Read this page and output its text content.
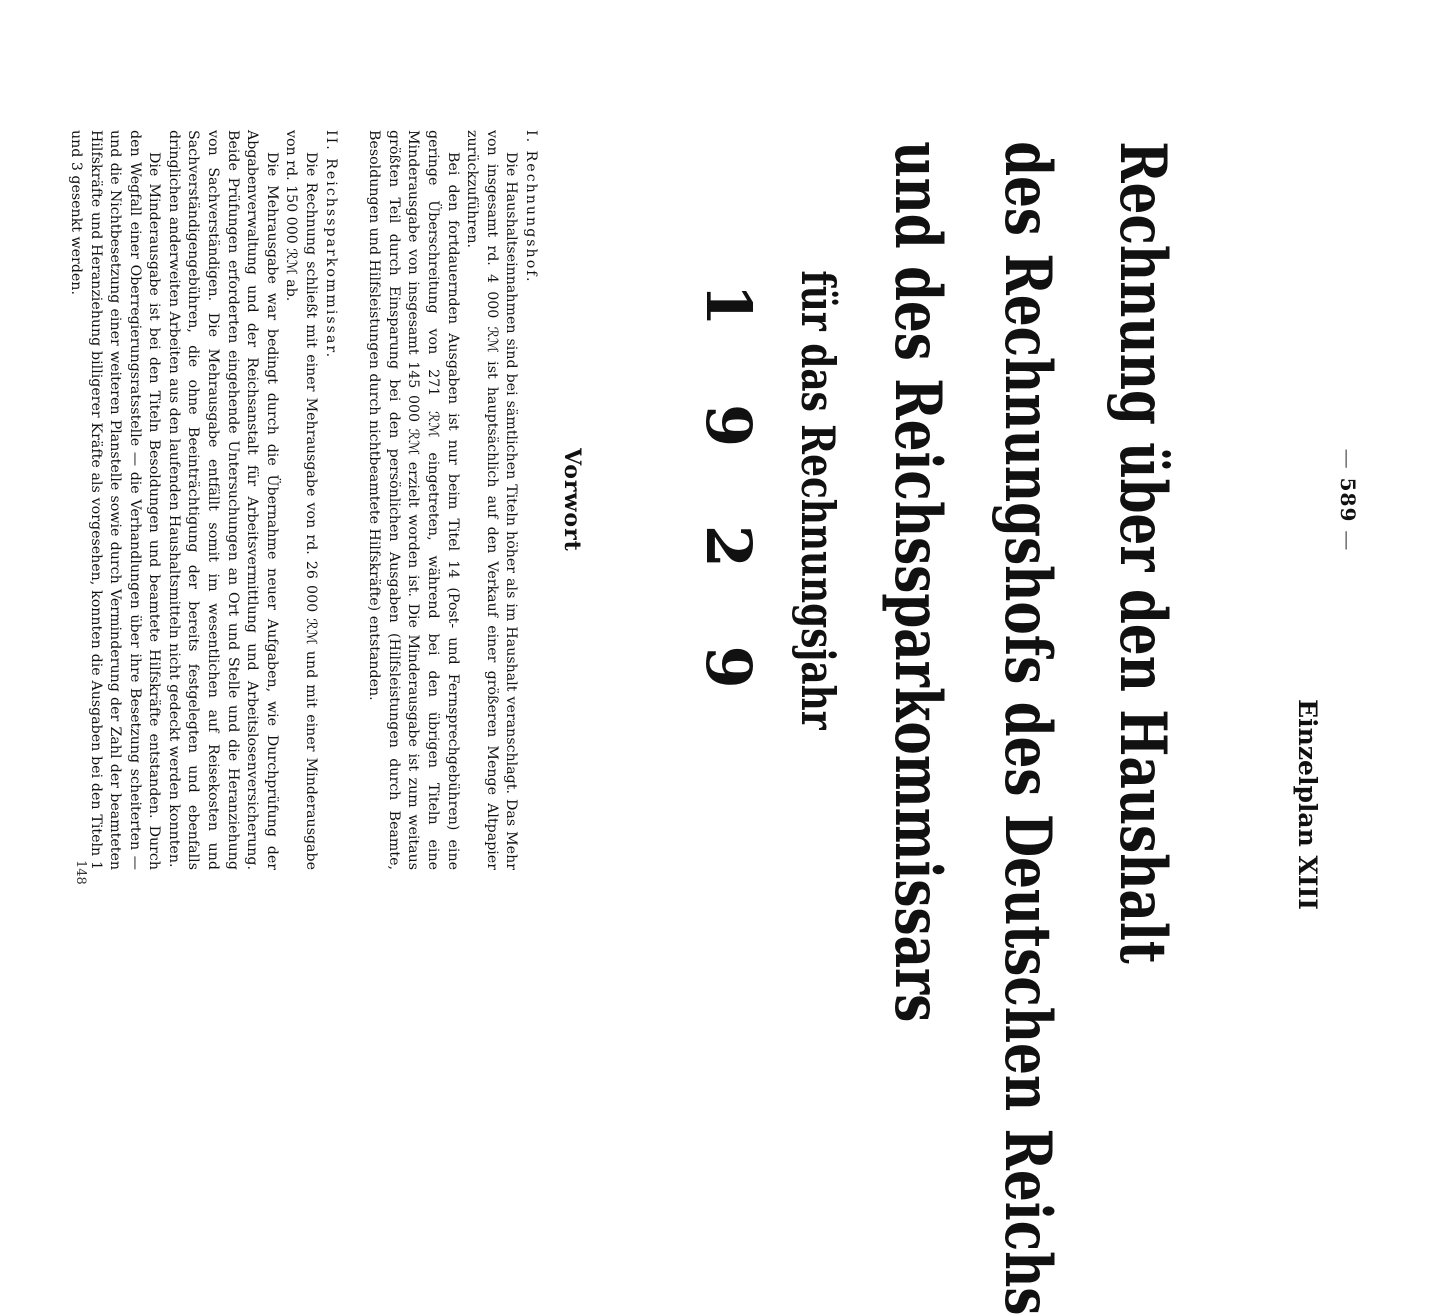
— 589 —
Einzelplan XIII
Rechnung über den Haushalt
des Rechnungshofs des Deutschen Reichs
und des Reichssparkommissars
für das Rechnungsjahr
1 9 2 9
Vorwort
I. Rechnungshof.

Die Haushaltseinnahmen sind bei sämtlichen Titeln höher als im Haushalt veranschlagt. Das Mehr von insgesamt rd. 4 000 ℛℳ ist hauptsächlich auf den Verkauf einer größeren Menge Altpapier zurückzuführen.

Bei den fortdauernden Ausgaben ist nur beim Titel 14 (Post- und Fernsprechgebühren) eine geringe Überschreitung von 271 ℛℳ eingetreten, während bei den übrigen Titeln eine Minderausgabe von insgesamt 145 000 ℛℳ erzielt worden ist. Die Minderausgabe ist zum weitaus größten Teil durch Einsparung bei den persönlichen Ausgaben (Hilfsleistungen durch Beamte, Besoldungen und Hilfsleistungen durch nichtbeamtete Hilfskräfte) entstanden.

II. Reichssparkommissar.

Die Rechnung schließt mit einer Mehrausgabe von rd. 26 000 ℛℳ und mit einer Minderausgabe von rd. 150 000 ℛℳ ab.

Die Mehrausgabe war bedingt durch die Übernahme neuer Aufgaben, wie Durchprüfung der Abgabenverwaltung und der Reichsanstalt für Arbeitsvermittlung und Arbeitslosenversicherung. Beide Prüfungen erforderten eingehende Untersuchungen an Ort und Stelle und die Heranziehung von Sachverständigen. Die Mehrausgabe entfällt somit im wesentlichen auf Reisekosten und Sachverständigengebühren, die ohne Beeinträchtigung der bereits festgelegten und ebenfalls dringlichen anderweiten Arbeiten aus den laufenden Haushaltsmitteln nicht gedeckt werden konnten.

Die Minderausgabe ist bei den Titeln Besoldungen und beamtete Hilfskräfte entstanden. Durch den Wegfall einer Oberregierungsratsstelle — die Verhandlungen über ihre Besetzung scheiterten — und die Nichtbesetzung einer weiteren Planstelle sowie durch Verminderung der Zahl der beamteten Hilfskräfte und Heranziehung billigerer Kräfte als vorgesehen, konnten die Ausgaben bei den Titeln 1 und 3 gesenkt werden.

148
